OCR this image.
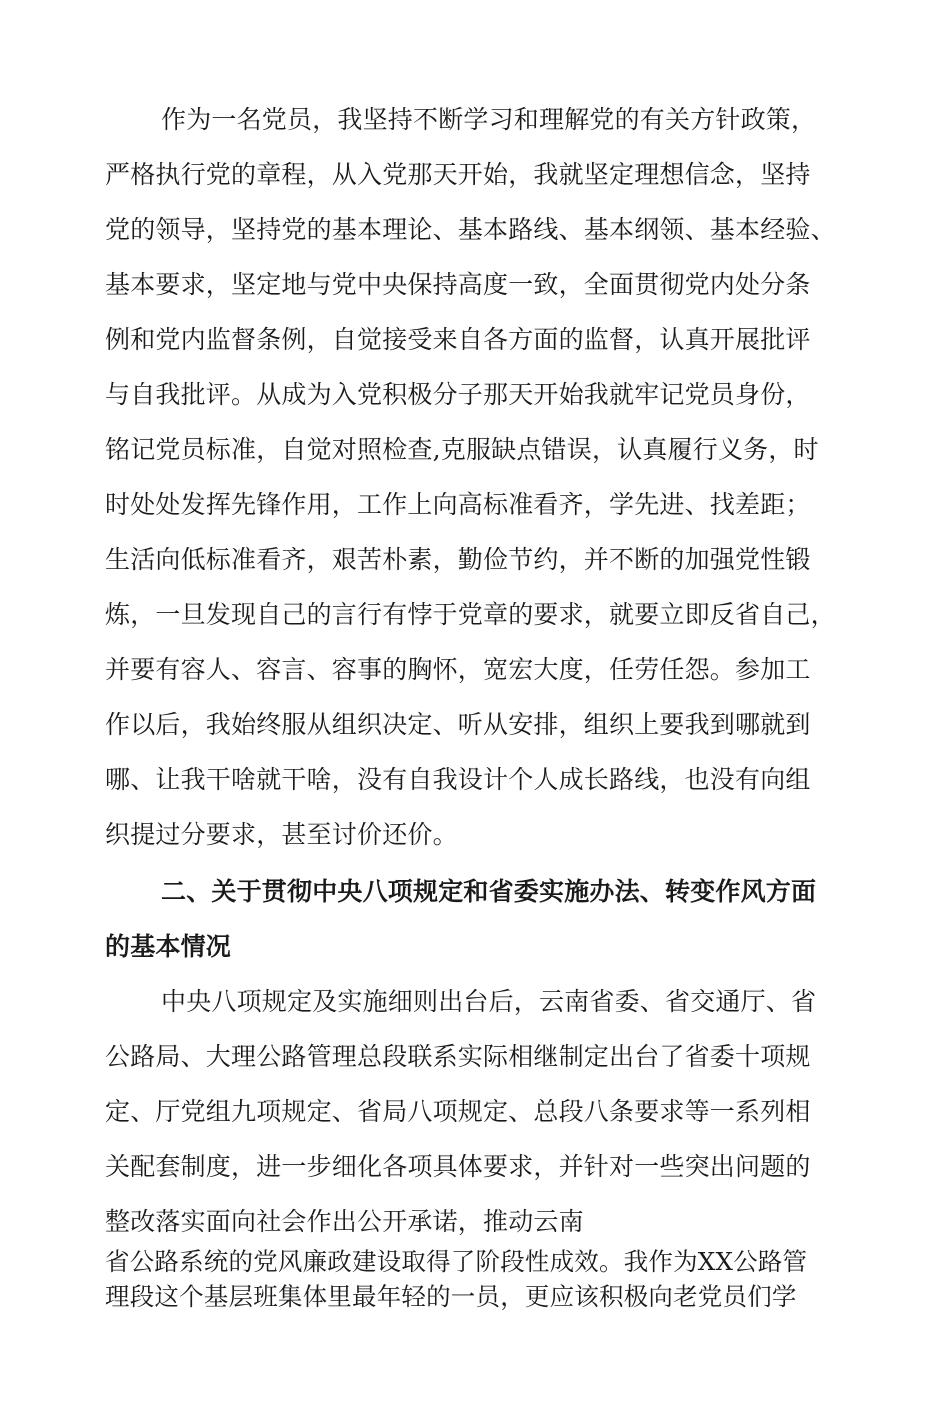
作为一名党员，我坚持不断学习和理解党的有关方针政策，
严格执行党的章程，从入党那天开始，我就坚定理想信念，坚持
党的领导，坚持党的基本理论、基本路线、基本纲领、基本经验、
基本要求，坚定地与党中央保持高度一致，全面贯彻党内处分条
例和党内监督条例，自觉接受来自各方面的监督，认真开展批评
与自我批评。从成为入党积极分子那天开始我就牢记党员身份，
铭记党员标准，自觉对照检查,克服缺点错误，认真履行义务，时
时处处发挥先锋作用，工作上向高标准看齐，学先进、找差距；
生活向低标准看齐，艰苦朴素，勤俭节约，并不断的加强党性锻
炼，一旦发现自己的言行有悖于党章的要求，就要立即反省自己，
并要有容人、容言、容事的胸怀，宽宏大度，任劳任怨。参加工
作以后，我始终服从组织决定、听从安排，组织上要我到哪就到
哪、让我干啥就干啥，没有自我设计个人成长路线，也没有向组
织提过分要求，甚至讨价还价。
二、关于贯彻中央八项规定和省委实施办法、转变作风方面
的基本情况
中央八项规定及实施细则出台后，云南省委、省交通厅、省
公路局、大理公路管理总段联系实际相继制定出台了省委十项规
定、厅党组九项规定、省局八项规定、总段八条要求等一系列相
关配套制度，进一步细化各项具体要求，并针对一些突出问题的
整改落实面向社会作出公开承诺，推动云南
省公路系统的党风廉政建设取得了阶段性成效。我作为XX公路管
理段这个基层班集体里最年轻的一员，更应该积极向老党员们学
